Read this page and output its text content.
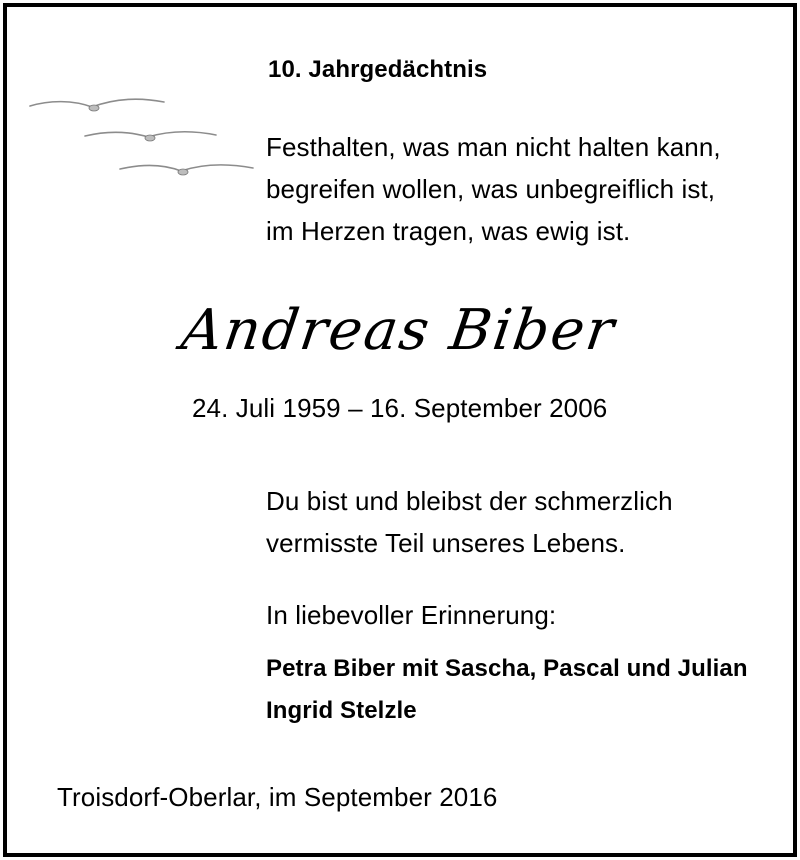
10. Jahrgedächtnis
Festhalten, was man nicht halten kann,
begreifen wollen, was unbegreiflich ist,
im Herzen tragen, was ewig ist.
Andreas Biber
24. Juli 1959 – 16. September 2006
Du bist und bleibst der schmerzlich
vermisste Teil unseres Lebens.
In liebevoller Erinnerung:
Petra Biber mit Sascha, Pascal und Julian
Ingrid Stelzle
Troisdorf-Oberlar, im September 2016
